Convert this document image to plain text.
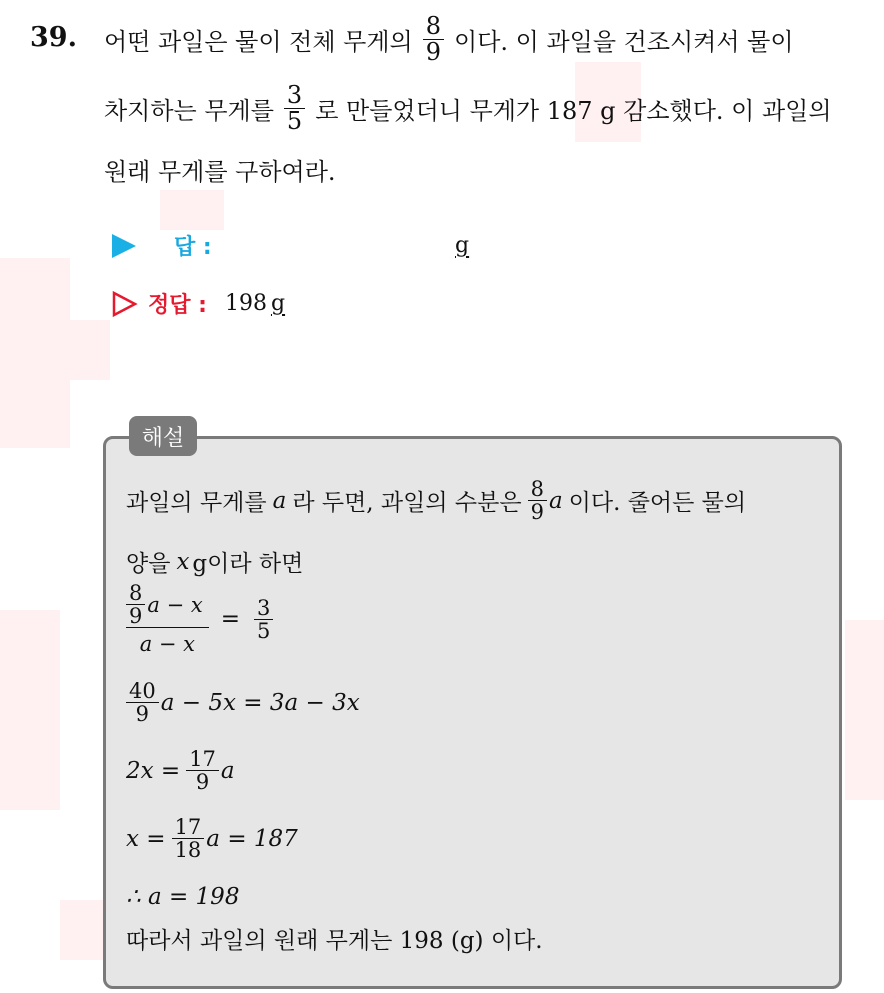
39. 어떤 과일은 물이 전체 무게의 $\frac{8}{9}$ 이다. 이 과일을 건조시켜서 물이
차지하는 무게를 $\frac{3}{5}$ 로 만들었더니 무게가 187 g 감소했다. 이 과일의
원래 무게를 구하여라.
답 :	g
정답 : 198 g
해설
과일의 무게를 a 라 두면, 과일의 수분은 $\frac{8}{9}$ a 이다. 줄어든 물의
양을 x g이라 하면
$\frac{\frac{8}{9} a - x}{a - x} = \frac{3}{5}$
$\frac{40}{9}$ a − 5x = 3a − 3x
$2x = \frac{17}{9}$ a
$x = \frac{17}{18}$ a = 187
∴ a = 198
따라서 과일의 원래 무게는 198 (g) 이다.
